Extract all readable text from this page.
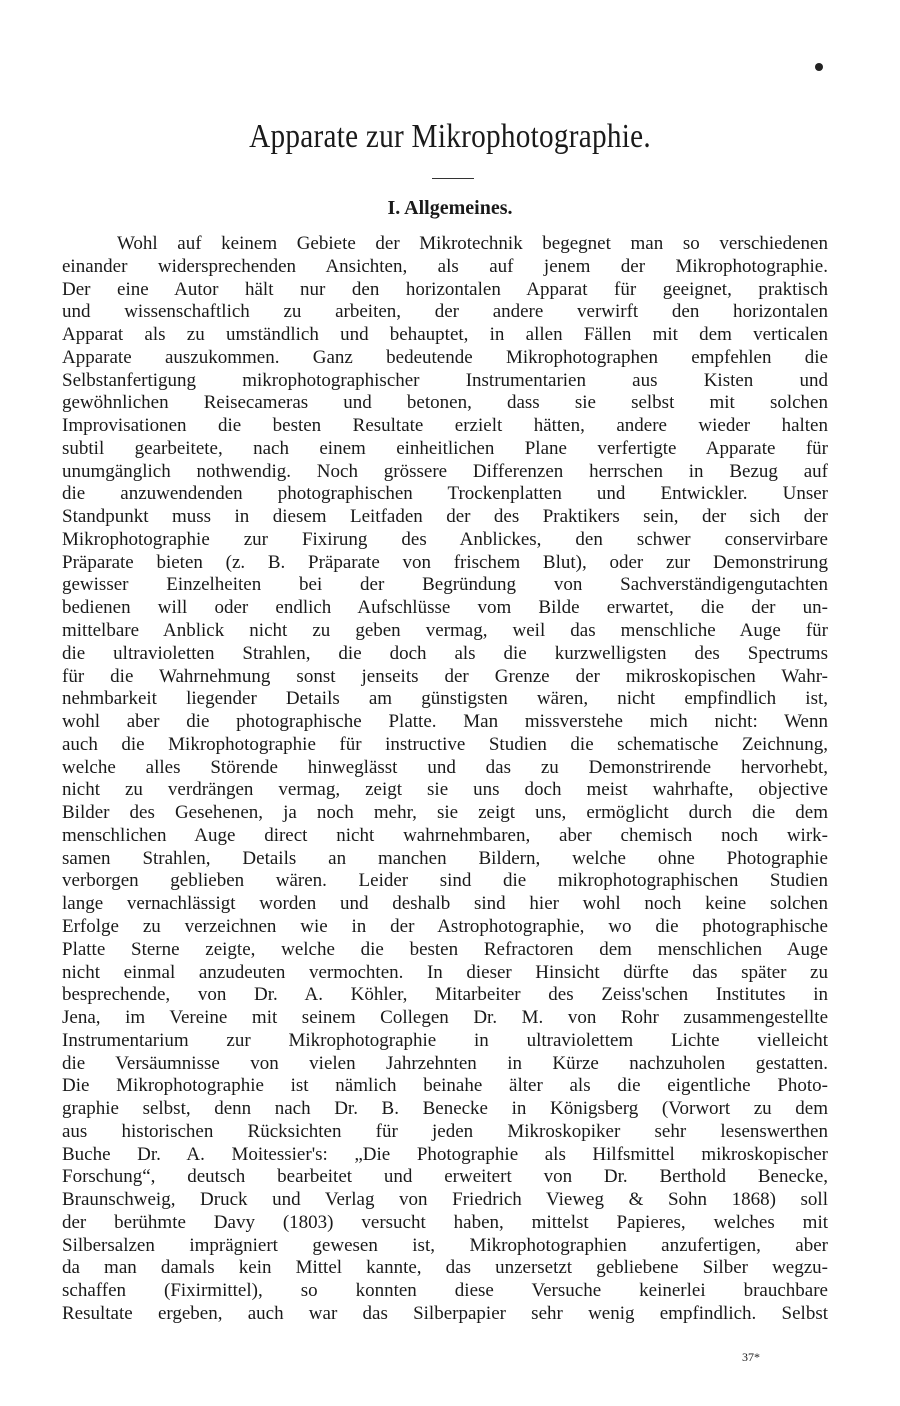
Apparate zur Mikrophotographie.
I. Allgemeines.
Wohl auf keinem Gebiete der Mikrotechnik begegnet man so verschiedenen
einander widersprechenden Ansichten, als auf jenem der Mikrophotographie.
Der eine Autor hält nur den horizontalen Apparat für geeignet, praktisch
und wissenschaftlich zu arbeiten, der andere verwirft den horizontalen
Apparat als zu umständlich und behauptet, in allen Fällen mit dem verticalen
Apparate auszukommen. Ganz bedeutende Mikrophotographen empfehlen die
Selbstanfertigung mikrophotographischer Instrumentarien aus Kisten und
gewöhnlichen Reisecameras und betonen, dass sie selbst mit solchen
Improvisationen die besten Resultate erzielt hätten, andere wieder halten
subtil gearbeitete, nach einem einheitlichen Plane verfertigte Apparate für
unumgänglich nothwendig. Noch grössere Differenzen herrschen in Bezug auf
die anzuwendenden photographischen Trockenplatten und Entwickler. Unser
Standpunkt muss in diesem Leitfaden der des Praktikers sein, der sich der
Mikrophotographie zur Fixirung des Anblickes, den schwer conservirbare
Präparate bieten (z. B. Präparate von frischem Blut), oder zur Demonstrirung
gewisser Einzelheiten bei der Begründung von Sachverständigengutachten
bedienen will oder endlich Aufschlüsse vom Bilde erwartet, die der un-
mittelbare Anblick nicht zu geben vermag, weil das menschliche Auge für
die ultravioletten Strahlen, die doch als die kurzwelligsten des Spectrums
für die Wahrnehmung sonst jenseits der Grenze der mikroskopischen Wahr-
nehmbarkeit liegender Details am günstigsten wären, nicht empfindlich ist,
wohl aber die photographische Platte. Man missverstehe mich nicht: Wenn
auch die Mikrophotographie für instructive Studien die schematische Zeichnung,
welche alles Störende hinweglässt und das zu Demonstrirende hervorhebt,
nicht zu verdrängen vermag, zeigt sie uns doch meist wahrhafte, objective
Bilder des Gesehenen, ja noch mehr, sie zeigt uns, ermöglicht durch die dem
menschlichen Auge direct nicht wahrnehmbaren, aber chemisch noch wirk-
samen Strahlen, Details an manchen Bildern, welche ohne Photographie
verborgen geblieben wären. Leider sind die mikrophotographischen Studien
lange vernachlässigt worden und deshalb sind hier wohl noch keine solchen
Erfolge zu verzeichnen wie in der Astrophotographie, wo die photographische
Platte Sterne zeigte, welche die besten Refractoren dem menschlichen Auge
nicht einmal anzudeuten vermochten. In dieser Hinsicht dürfte das später zu
besprechende, von Dr. A. Köhler, Mitarbeiter des Zeiss'schen Institutes in
Jena, im Vereine mit seinem Collegen Dr. M. von Rohr zusammengestellte
Instrumentarium zur Mikrophotographie in ultraviolettem Lichte vielleicht
die Versäumnisse von vielen Jahrzehnten in Kürze nachzuholen gestatten.
Die Mikrophotographie ist nämlich beinahe älter als die eigentliche Photo-
graphie selbst, denn nach Dr. B. Benecke in Königsberg (Vorwort zu dem
aus historischen Rücksichten für jeden Mikroskopiker sehr lesenswerthen
Buche Dr. A. Moitessier's: „Die Photographie als Hilfsmittel mikroskopischer
Forschung“, deutsch bearbeitet und erweitert von Dr. Berthold Benecke,
Braunschweig, Druck und Verlag von Friedrich Vieweg & Sohn 1868) soll
der berühmte Davy (1803) versucht haben, mittelst Papieres, welches mit
Silbersalzen imprägniert gewesen ist, Mikrophotographien anzufertigen, aber
da man damals kein Mittel kannte, das unzersetzt gebliebene Silber wegzu-
schaffen (Fixirmittel), so konnten diese Versuche keinerlei brauchbare
Resultate ergeben, auch war das Silberpapier sehr wenig empfindlich. Selbst
37*
